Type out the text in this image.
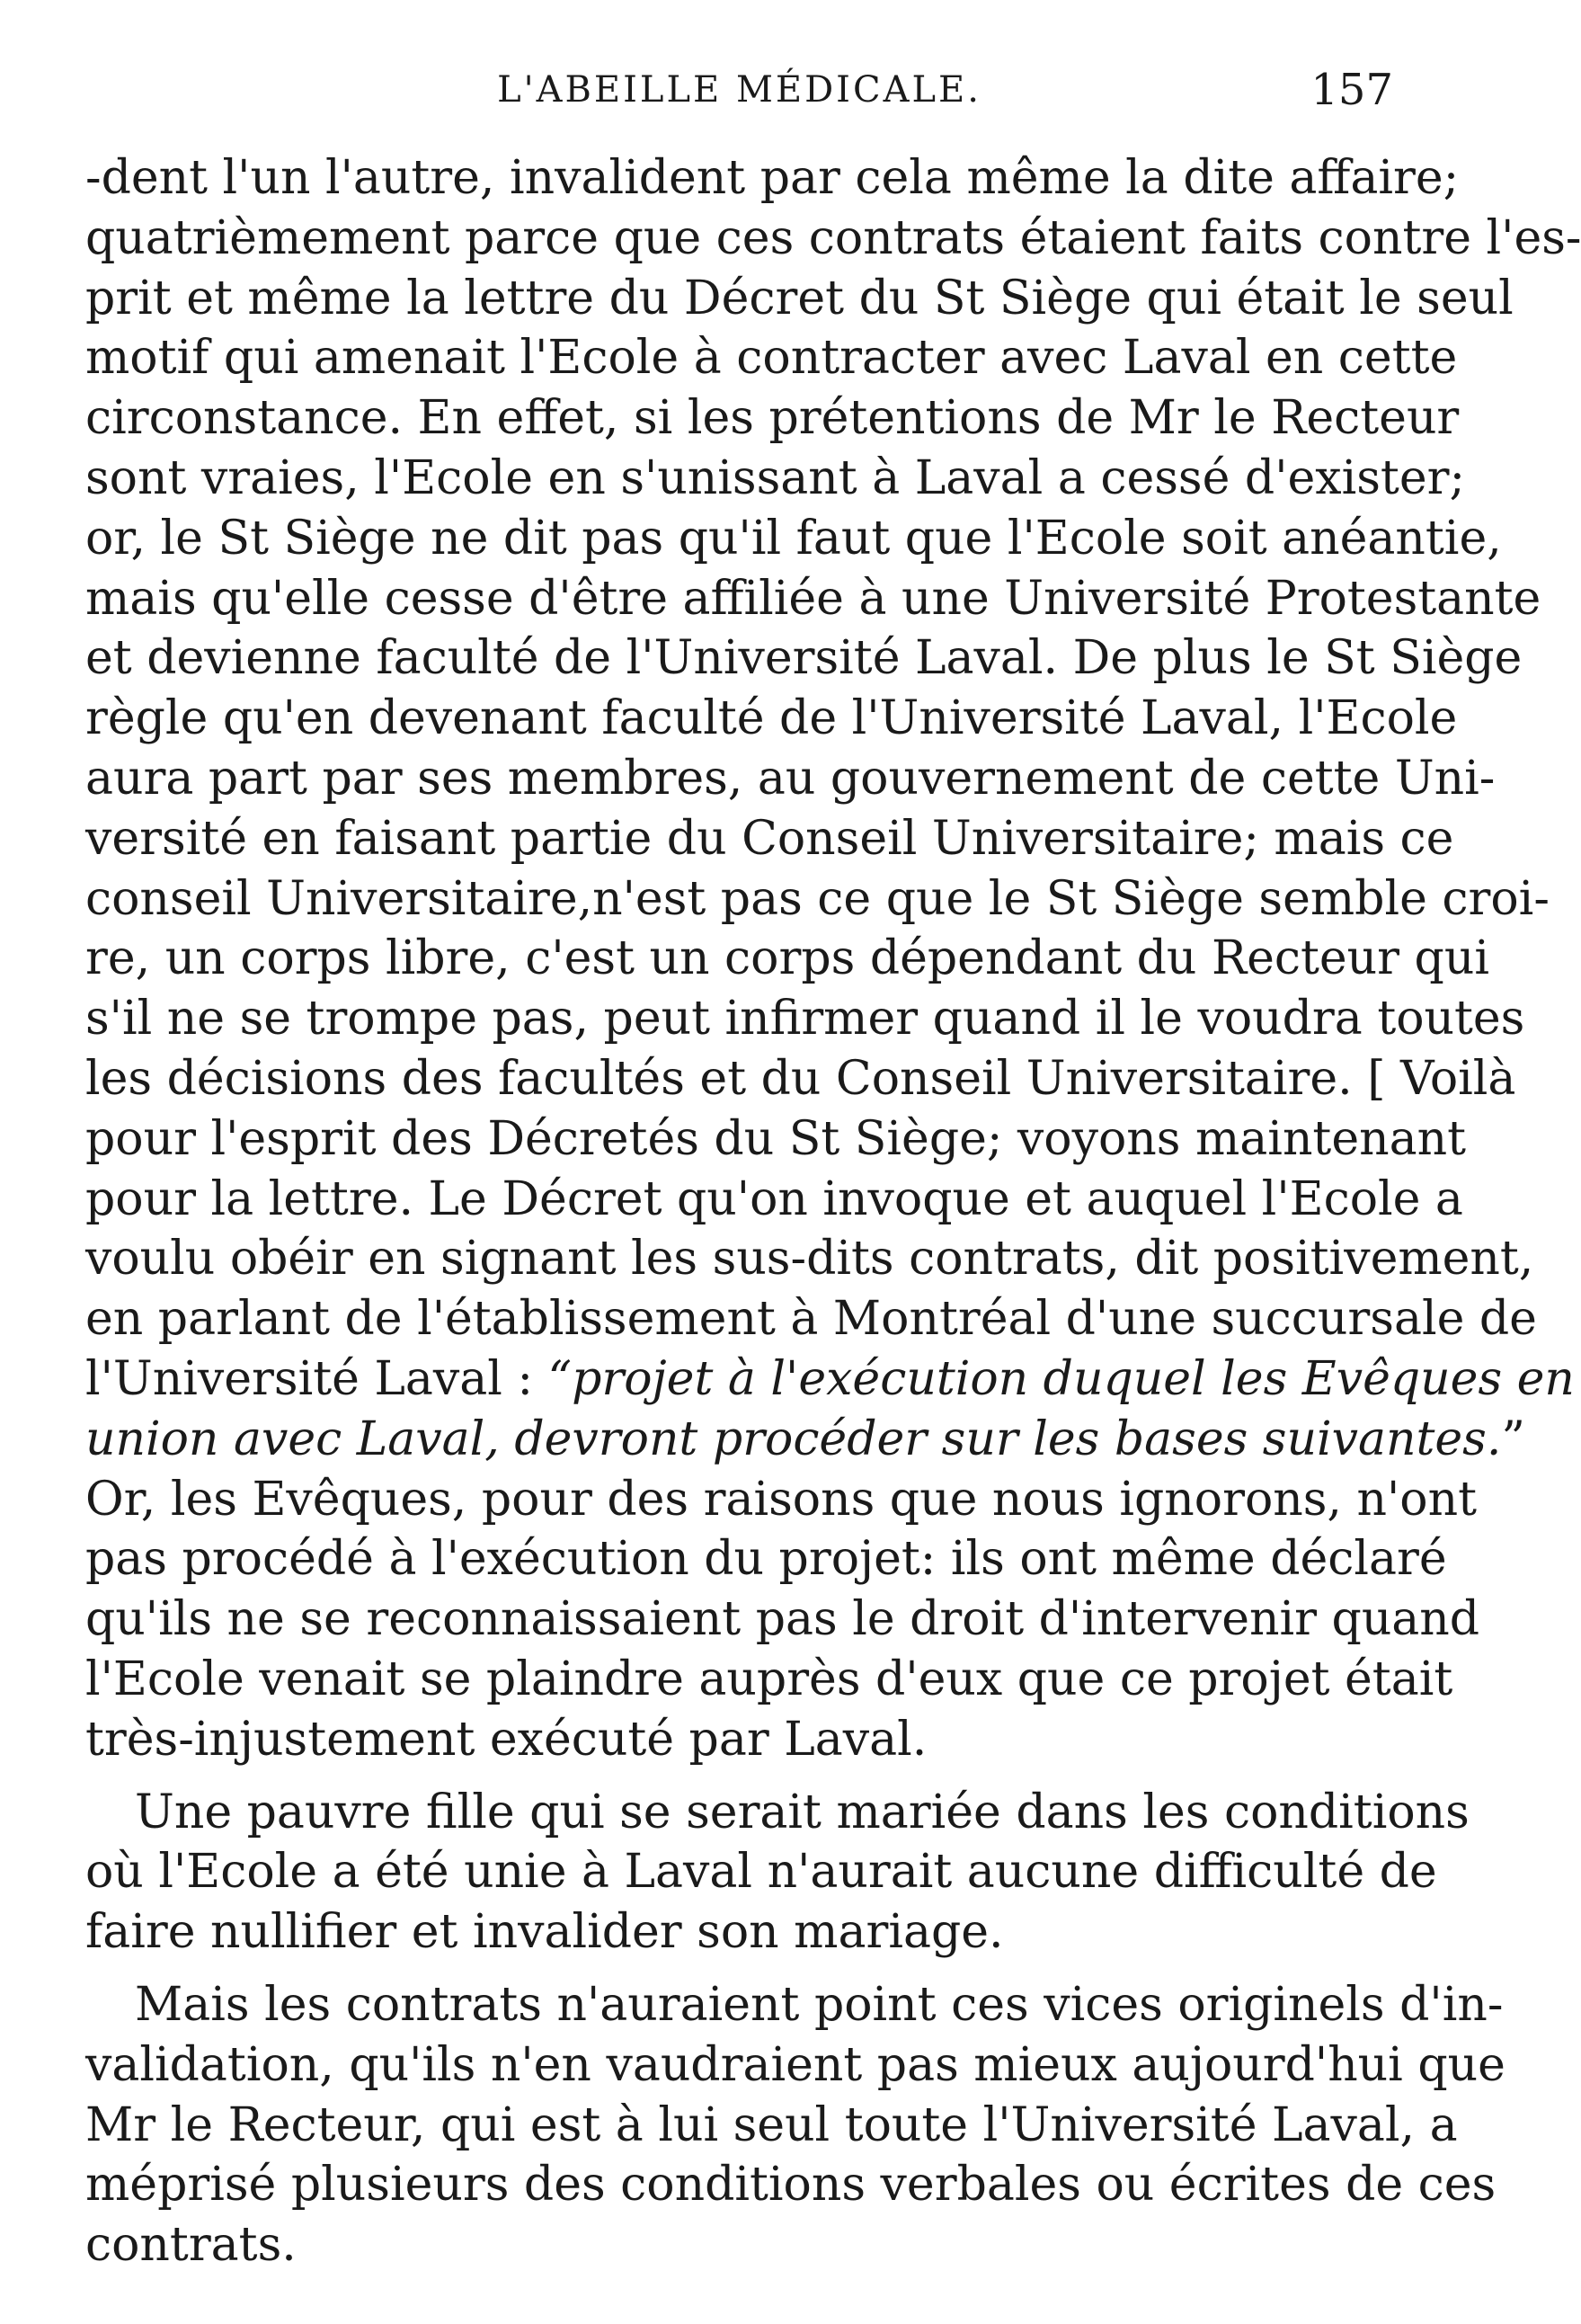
L'ABEILLE MÉDICALE.	157
-dent l'un l'autre, invalident par cela même la dite affaire;
quatrièmement parce que ces contrats étaient faits contre l'es-
prit et même la lettre du Décret du St Siège qui était le seul
motif qui amenait l'Ecole à contracter avec Laval en cette
circonstance. En effet, si les prétentions de Mr le Recteur
sont vraies, l'Ecole en s'unissant à Laval a cessé d'exister;
or, le St Siège ne dit pas qu'il faut que l'Ecole soit anéantie,
mais qu'elle cesse d'être affiliée à une Université Protestante
et devienne faculté de l'Université Laval. De plus le St Siège
règle qu'en devenant faculté de l'Université Laval, l'Ecole
aura part par ses membres, au gouvernement de cette Uni-
versité en faisant partie du Conseil Universitaire; mais ce
conseil Universitaire,n'est pas ce que le St Siège semble croi-
re, un corps libre, c'est un corps dépendant du Recteur qui
s'il ne se trompe pas, peut infirmer quand il le voudra toutes
les décisions des facultés et du Conseil Universitaire. [ Voilà
pour l'esprit des Décretés du St Siège; voyons maintenant
pour la lettre. Le Décret qu'on invoque et auquel l'Ecole a
voulu obéir en signant les sus-dits contrats, dit positivement,
en parlant de l'établissement à Montréal d'une succursale de
l'Université Laval : “projet à l'exécution duquel les Evêques en
union avec Laval, devront procéder sur les bases suivantes.”
Or, les Evêques, pour des raisons que nous ignorons, n'ont
pas procédé à l'exécution du projet: ils ont même déclaré
qu'ils ne se reconnaissaient pas le droit d'intervenir quand
l'Ecole venait se plaindre auprès d'eux que ce projet était
très-injustement exécuté par Laval.
Une pauvre fille qui se serait mariée dans les conditions
où l'Ecole a été unie à Laval n'aurait aucune difficulté de
faire nullifier et invalider son mariage.
Mais les contrats n'auraient point ces vices originels d'in-
validation, qu'ils n'en vaudraient pas mieux aujourd'hui que
Mr le Recteur, qui est à lui seul toute l'Université Laval, a
méprisé plusieurs des conditions verbales ou écrites de ces
contrats.
